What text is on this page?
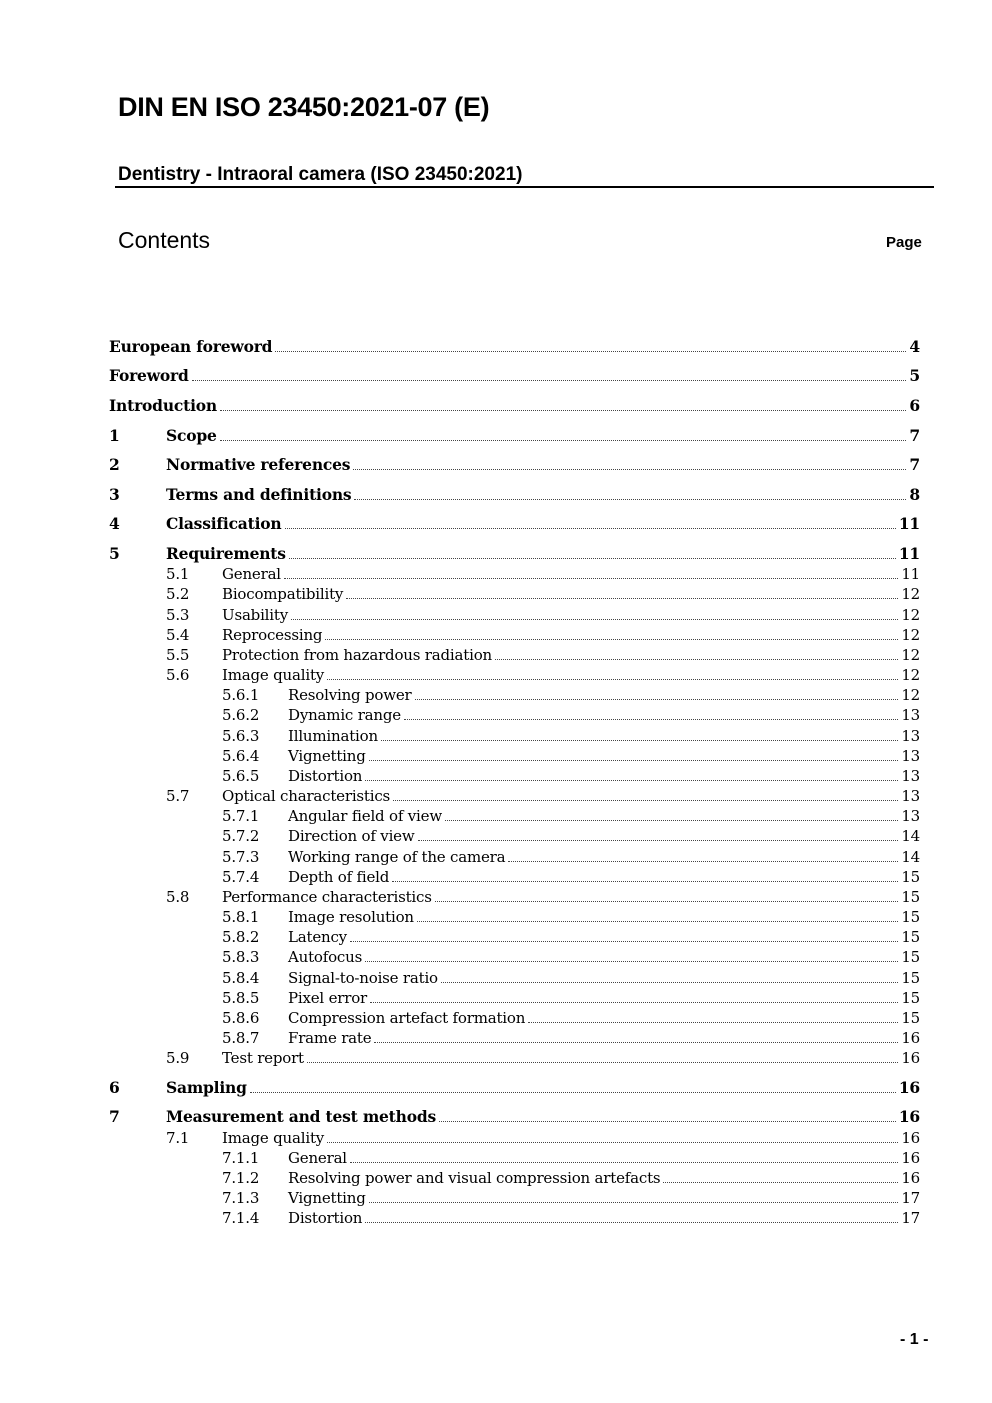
DIN EN ISO 23450:2021-07 (E)
Dentistry - Intraoral camera (ISO 23450:2021)
Contents	Page
European foreword	4
Foreword	5
Introduction	6
1	Scope	7
2	Normative references	7
3	Terms and definitions	8
4	Classification	11
5	Requirements	11
5.1 General	11
5.2 Biocompatibility	12
5.3 Usability	12
5.4 Reprocessing	12
5.5 Protection from hazardous radiation	12
5.6 Image quality	12
5.6.1 Resolving power	12
5.6.2 Dynamic range	13
5.6.3 Illumination	13
5.6.4 Vignetting	13
5.6.5 Distortion	13
5.7 Optical characteristics	13
5.7.1 Angular field of view	13
5.7.2 Direction of view	14
5.7.3 Working range of the camera	14
5.7.4 Depth of field	15
5.8 Performance characteristics	15
5.8.1 Image resolution	15
5.8.2 Latency	15
5.8.3 Autofocus	15
5.8.4 Signal-to-noise ratio	15
5.8.5 Pixel error	15
5.8.6 Compression artefact formation	15
5.8.7 Frame rate	16
5.9 Test report	16
6	Sampling	16
7	Measurement and test methods	16
7.1 Image quality	16
7.1.1 General	16
7.1.2 Resolving power and visual compression artefacts	16
7.1.3 Vignetting	17
7.1.4 Distortion	17
- 1 -
